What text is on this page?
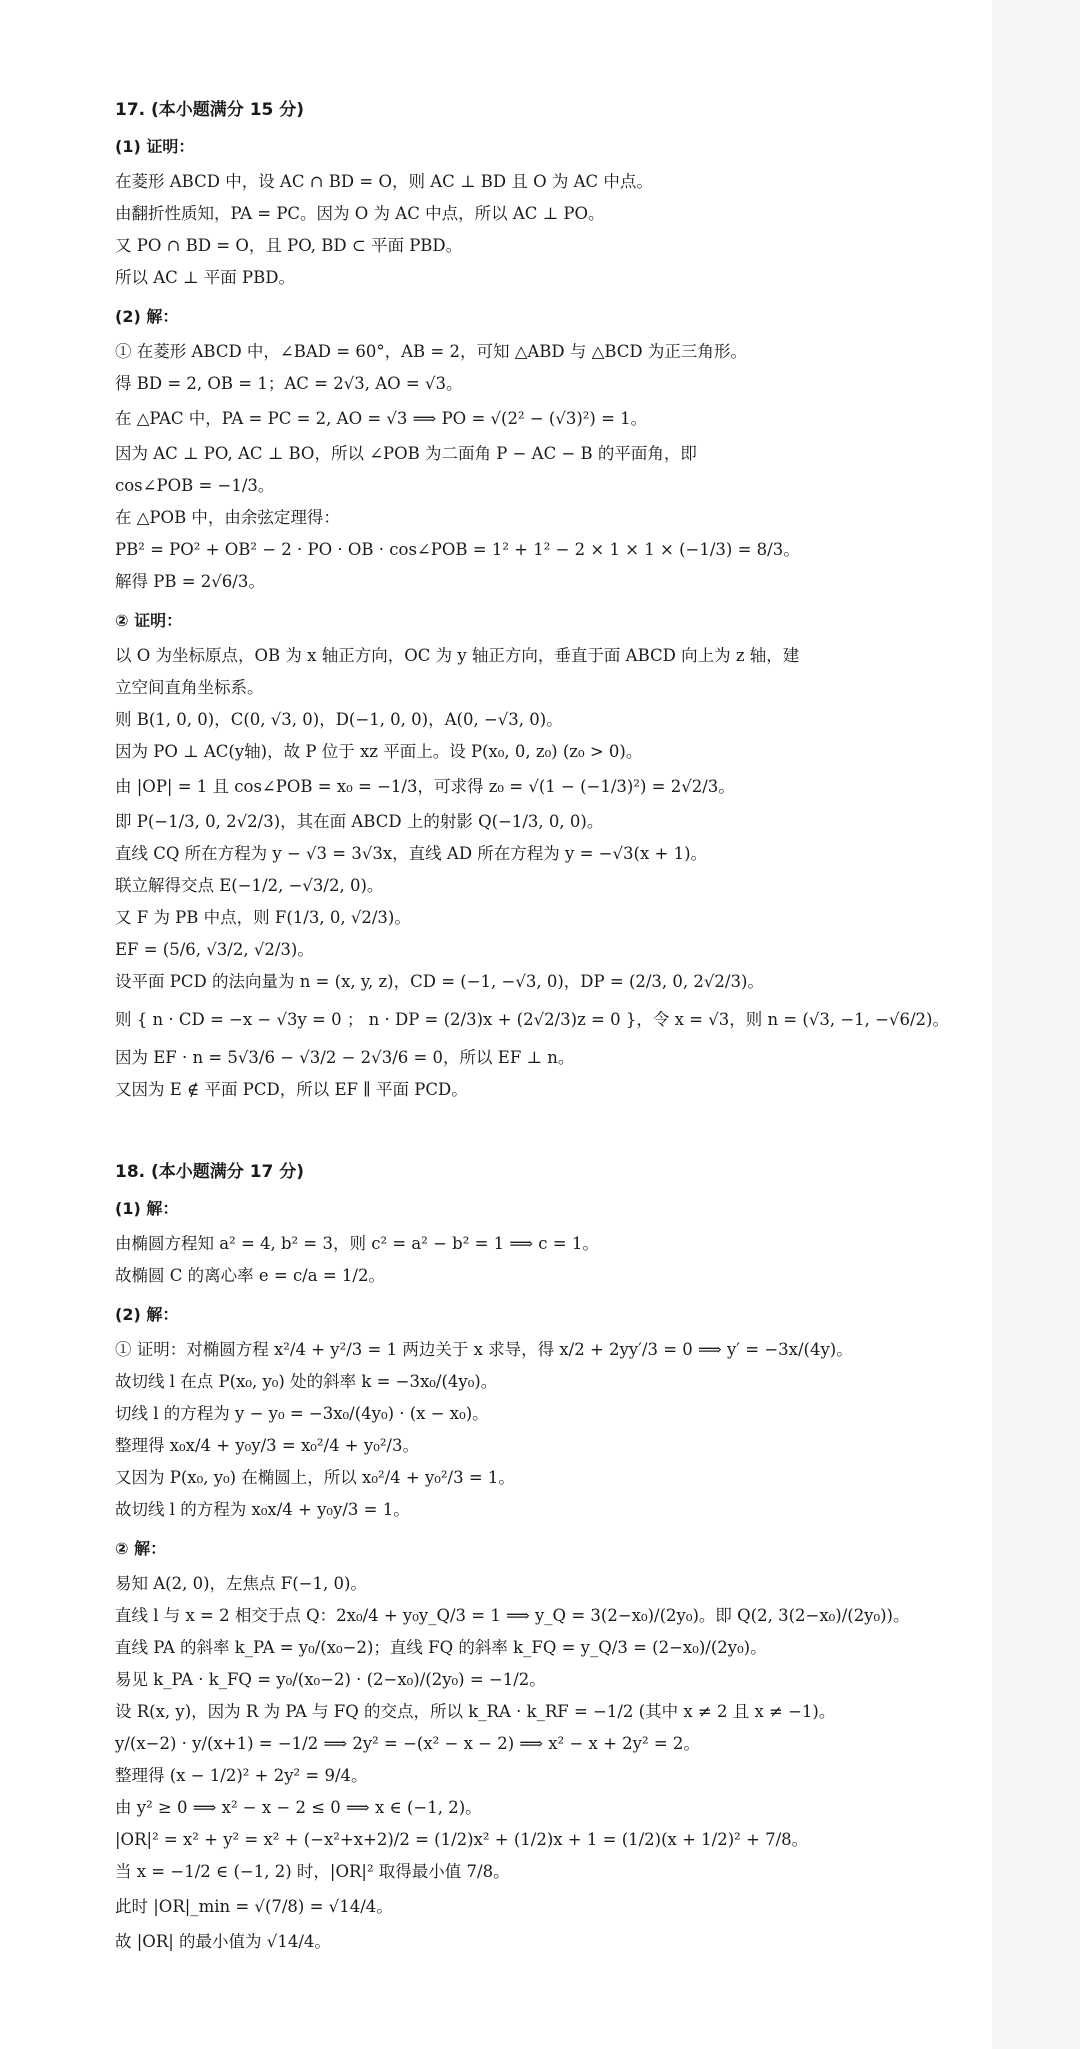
17. (本小题满分 15 分)
(1) 证明：
在菱形 ABCD 中，设 AC ∩ BD = O，则 AC ⊥ BD 且 O 为 AC 中点。
由翻折性质知，PA = PC。因为 O 为 AC 中点，所以 AC ⊥ PO。
又 PO ∩ BD = O，且 PO, BD ⊂ 平面 PBD。
所以 AC ⊥ 平面 PBD。
(2) 解：
① 在菱形 ABCD 中，∠BAD = 60°，AB = 2，可知 △ABD 与 △BCD 为正三角形。
得 BD = 2, OB = 1；AC = 2√3, AO = √3。
在 △PAC 中，PA = PC = 2, AO = √3 ⟹ PO = √(2² − (√3)²) = 1。
因为 AC ⊥ PO, AC ⊥ BO，所以 ∠POB 为二面角 P − AC − B 的平面角，即
cos∠POB = −1/3。
在 △POB 中，由余弦定理得：
PB² = PO² + OB² − 2 · PO · OB · cos∠POB = 1² + 1² − 2 × 1 × 1 × (−1/3) = 8/3。
解得 PB = 2√6/3。
② 证明：
以 O 为坐标原点，OB 为 x 轴正方向，OC 为 y 轴正方向，垂直于面 ABCD 向上为 z 轴，建
立空间直角坐标系。
则 B(1, 0, 0)，C(0, √3, 0)，D(−1, 0, 0)，A(0, −√3, 0)。
因为 PO ⊥ AC(y轴)，故 P 位于 xz 平面上。设 P(x₀, 0, z₀) (z₀ > 0)。
由 |OP| = 1 且 cos∠POB = x₀ = −1/3，可求得 z₀ = √(1 − (−1/3)²) = 2√2/3。
即 P(−1/3, 0, 2√2/3)，其在面 ABCD 上的射影 Q(−1/3, 0, 0)。
直线 CQ 所在方程为 y − √3 = 3√3x，直线 AD 所在方程为 y = −√3(x + 1)。
联立解得交点 E(−1/2, −√3/2, 0)。
又 F 为 PB 中点，则 F(1/3, 0, √2/3)。
EF = (5/6, √3/2, √2/3)。
设平面 PCD 的法向量为 n = (x, y, z)，CD = (−1, −√3, 0)，DP = (2/3, 0, 2√2/3)。
则 { n · CD = −x − √3y = 0 ； n · DP = (2/3)x + (2√2/3)z = 0 }，令 x = √3，则 n = (√3, −1, −√6/2)。
因为 EF · n = 5√3/6 − √3/2 − 2√3/6 = 0，所以 EF ⊥ n。
又因为 E ∉ 平面 PCD，所以 EF ∥ 平面 PCD。
18. (本小题满分 17 分)
(1) 解：
由椭圆方程知 a² = 4, b² = 3，则 c² = a² − b² = 1 ⟹ c = 1。
故椭圆 C 的离心率 e = c/a = 1/2。
(2) 解：
① 证明：对椭圆方程 x²/4 + y²/3 = 1 两边关于 x 求导，得 x/2 + 2yy′/3 = 0 ⟹ y′ = −3x/(4y)。
故切线 l 在点 P(x₀, y₀) 处的斜率 k = −3x₀/(4y₀)。
切线 l 的方程为 y − y₀ = −3x₀/(4y₀) · (x − x₀)。
整理得 x₀x/4 + y₀y/3 = x₀²/4 + y₀²/3。
又因为 P(x₀, y₀) 在椭圆上，所以 x₀²/4 + y₀²/3 = 1。
故切线 l 的方程为 x₀x/4 + y₀y/3 = 1。
② 解：
易知 A(2, 0)，左焦点 F(−1, 0)。
直线 l 与 x = 2 相交于点 Q：2x₀/4 + y₀y_Q/3 = 1 ⟹ y_Q = 3(2−x₀)/(2y₀)。即 Q(2, 3(2−x₀)/(2y₀))。
直线 PA 的斜率 k_PA = y₀/(x₀−2)；直线 FQ 的斜率 k_FQ = y_Q/3 = (2−x₀)/(2y₀)。
易见 k_PA · k_FQ = y₀/(x₀−2) · (2−x₀)/(2y₀) = −1/2。
设 R(x, y)，因为 R 为 PA 与 FQ 的交点，所以 k_RA · k_RF = −1/2 (其中 x ≠ 2 且 x ≠ −1)。
y/(x−2) · y/(x+1) = −1/2 ⟹ 2y² = −(x² − x − 2) ⟹ x² − x + 2y² = 2。
整理得 (x − 1/2)² + 2y² = 9/4。
由 y² ≥ 0 ⟹ x² − x − 2 ≤ 0 ⟹ x ∈ (−1, 2)。
|OR|² = x² + y² = x² + (−x²+x+2)/2 = (1/2)x² + (1/2)x + 1 = (1/2)(x + 1/2)² + 7/8。
当 x = −1/2 ∈ (−1, 2) 时，|OR|² 取得最小值 7/8。
此时 |OR|_min = √(7/8) = √14/4。
故 |OR| 的最小值为 √14/4。
